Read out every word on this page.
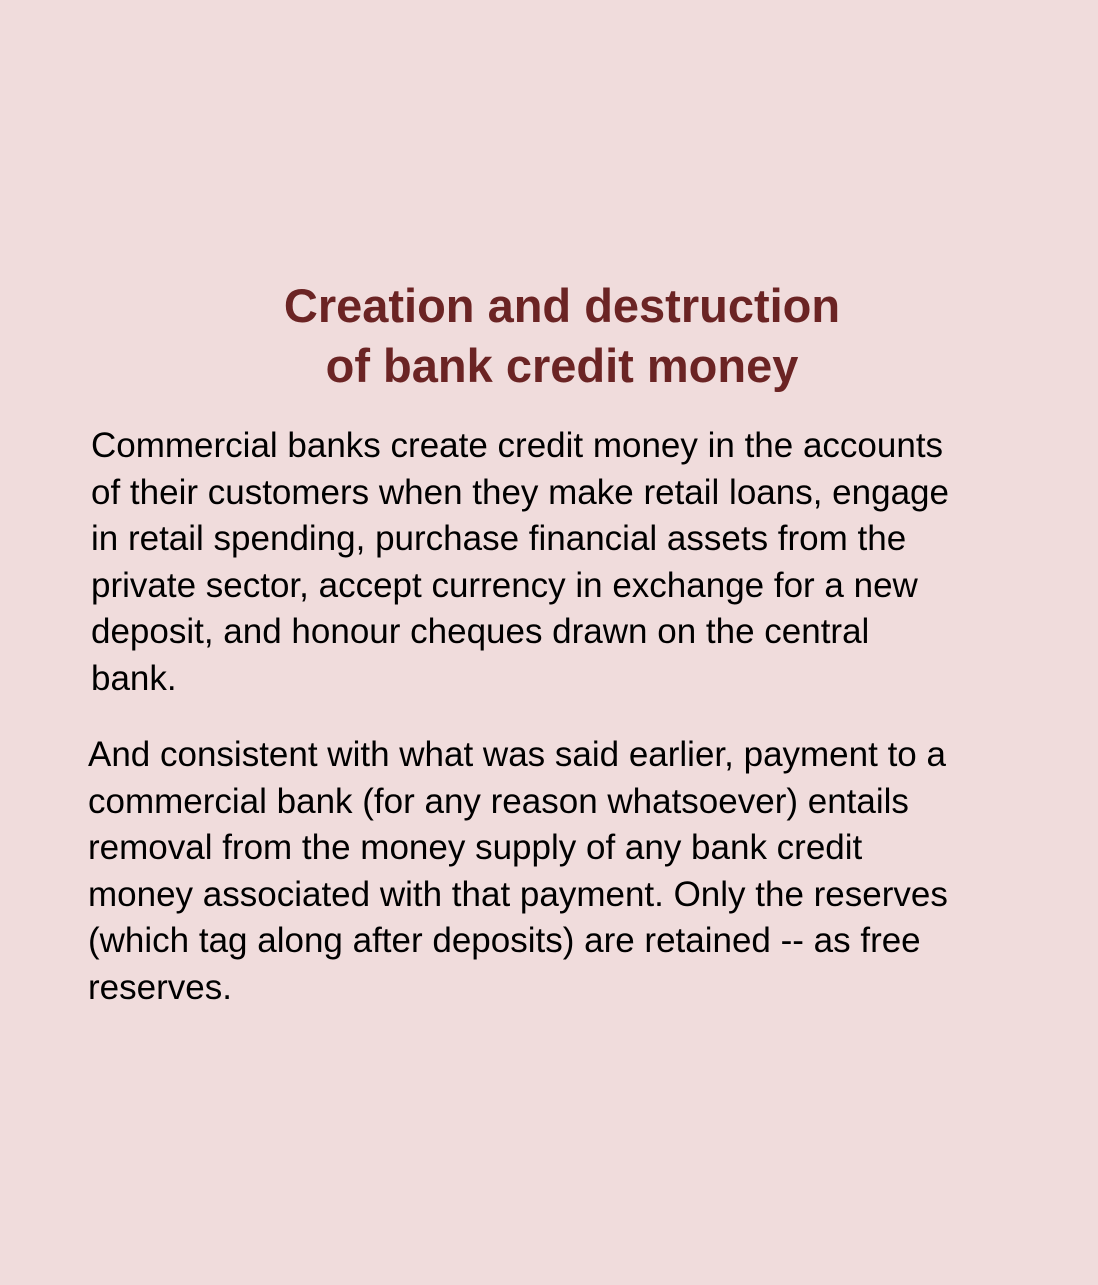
Creation and destruction
of bank credit money

Commercial banks create credit money in the accounts
of their customers when they make retail loans, engage
in retail spending, purchase financial assets from the
private sector, accept currency in exchange for a new
deposit, and honour cheques drawn on the central
bank.

And consistent with what was said earlier, payment to a
commercial bank (for any reason whatsoever) entails
removal from the money supply of any bank credit
money associated with that payment. Only the reserves
(which tag along after deposits) are retained -- as free
reserves.
